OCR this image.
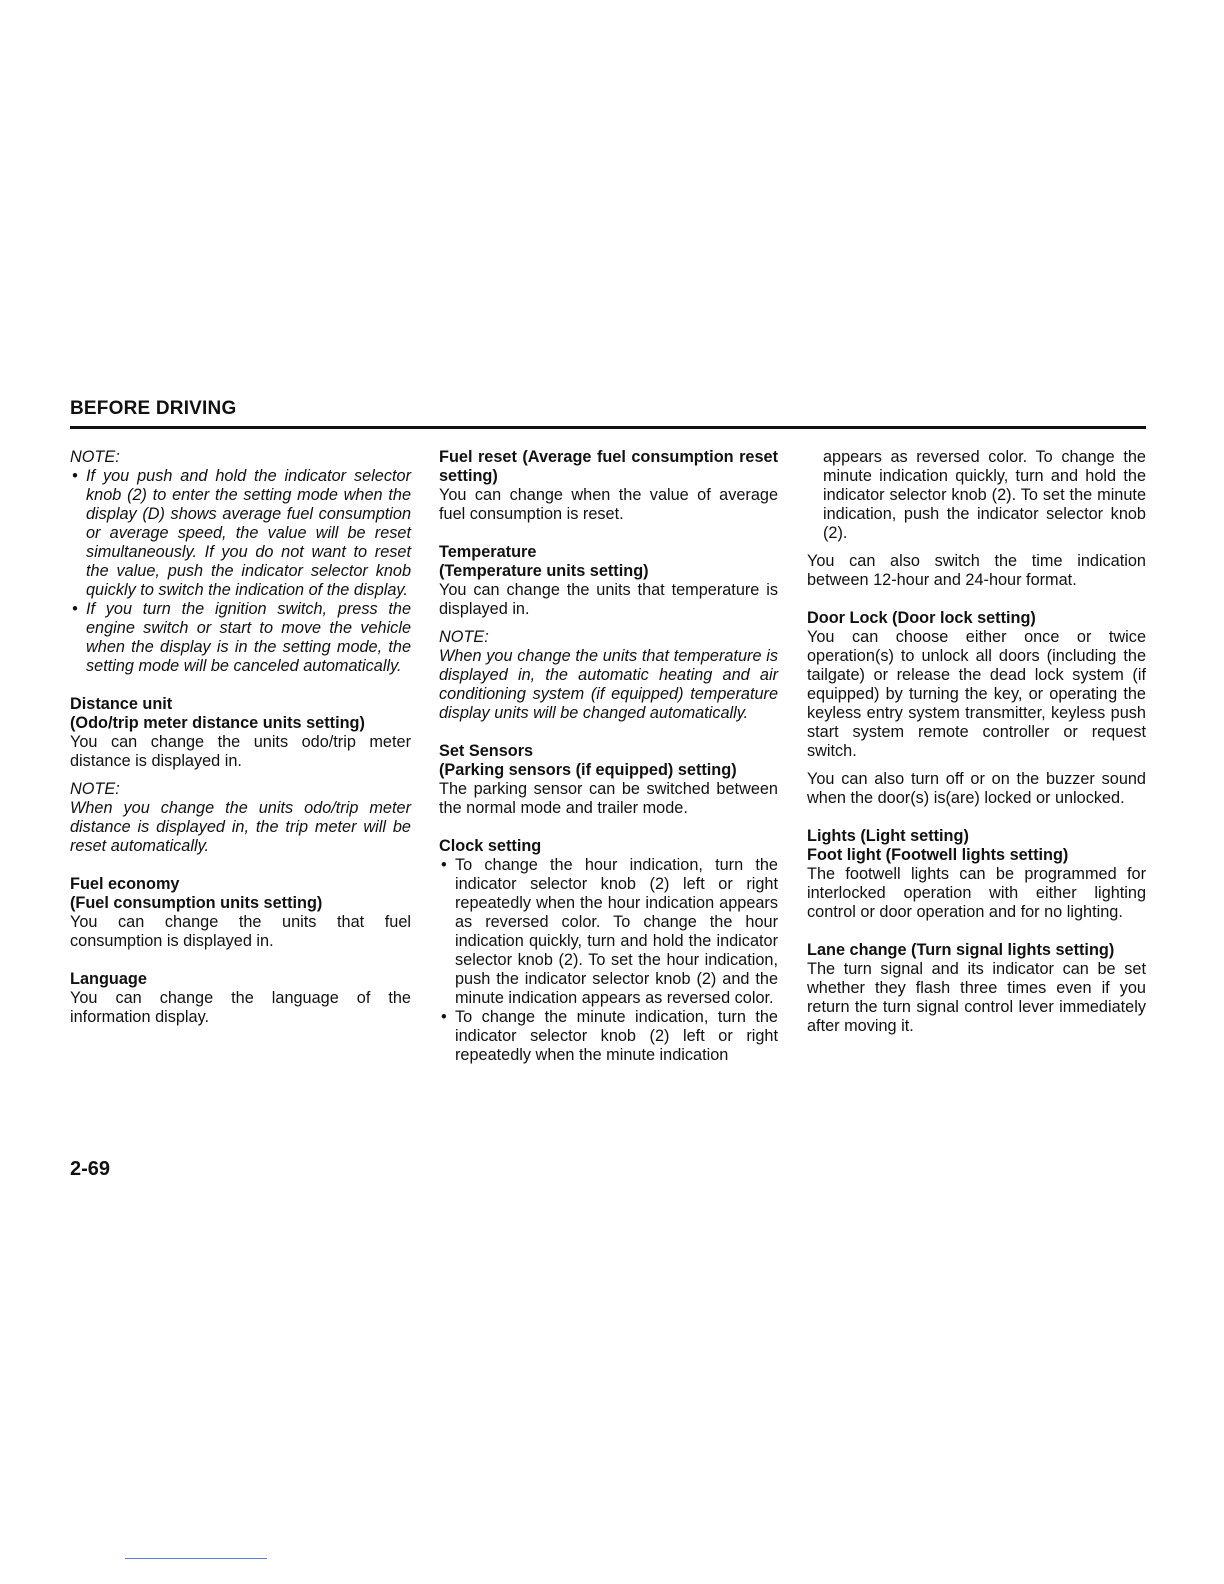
BEFORE DRIVING
NOTE:
• If you push and hold the indicator selector knob (2) to enter the setting mode when the display (D) shows average fuel consumption or average speed, the value will be reset simultaneously. If you do not want to reset the value, push the indicator selector knob quickly to switch the indication of the display.
• If you turn the ignition switch, press the engine switch or start to move the vehicle when the display is in the setting mode, the setting mode will be canceled automatically.
Distance unit
(Odo/trip meter distance units setting)
You can change the units odo/trip meter distance is displayed in.
NOTE:
When you change the units odo/trip meter distance is displayed in, the trip meter will be reset automatically.
Fuel economy
(Fuel consumption units setting)
You can change the units that fuel consumption is displayed in.
Language
You can change the language of the information display.
Fuel reset (Average fuel consumption reset setting)
You can change when the value of average fuel consumption is reset.
Temperature
(Temperature units setting)
You can change the units that temperature is displayed in.
NOTE:
When you change the units that temperature is displayed in, the automatic heating and air conditioning system (if equipped) temperature display units will be changed automatically.
Set Sensors
(Parking sensors (if equipped) setting)
The parking sensor can be switched between the normal mode and trailer mode.
Clock setting
• To change the hour indication, turn the indicator selector knob (2) left or right repeatedly when the hour indication appears as reversed color. To change the hour indication quickly, turn and hold the indicator selector knob (2). To set the hour indication, push the indicator selector knob (2) and the minute indication appears as reversed color.
• To change the minute indication, turn the indicator selector knob (2) left or right repeatedly when the minute indication
appears as reversed color. To change the minute indication quickly, turn and hold the indicator selector knob (2). To set the minute indication, push the indicator selector knob (2).
You can also switch the time indication between 12-hour and 24-hour format.
Door Lock (Door lock setting)
You can choose either once or twice operation(s) to unlock all doors (including the tailgate) or release the dead lock system (if equipped) by turning the key, or operating the keyless entry system transmitter, keyless push start system remote controller or request switch.
You can also turn off or on the buzzer sound when the door(s) is(are) locked or unlocked.
Lights (Light setting)
Foot light (Footwell lights setting)
The footwell lights can be programmed for interlocked operation with either lighting control or door operation and for no lighting.
Lane change (Turn signal lights setting)
The turn signal and its indicator can be set whether they flash three times even if you return the turn signal control lever immediately after moving it.
2-69
